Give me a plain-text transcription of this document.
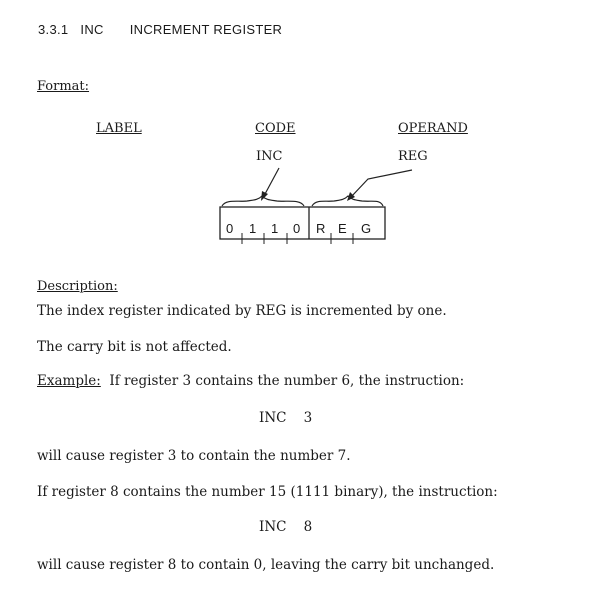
3.3.1 INC INCREMENT REGISTER
Format:
LABEL	CODE	OPERAND
INC	REG
0 1 1 0 R E G
Description:
The index register indicated by REG is incremented by one.
The carry bit is not affected.
Example: If register 3 contains the number 6, the instruction:
INC    3
will cause register 3 to contain the number 7.
If register 8 contains the number 15 (1111 binary), the instruction:
INC    8
will cause register 8 to contain 0, leaving the carry bit unchanged.
